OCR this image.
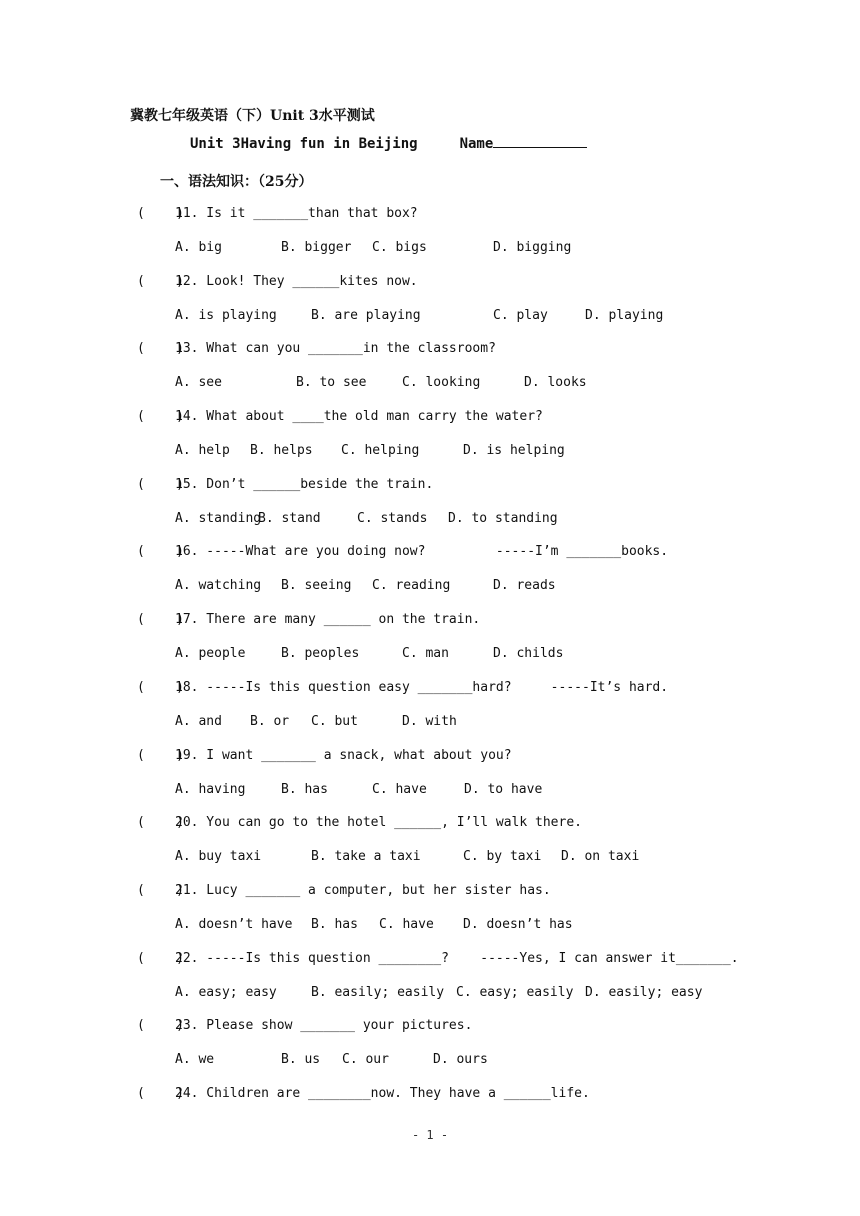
冀教七年级英语（下）Unit 3水平测试
Unit 3Having fun in Beijing	Name
一、语法知识：（25分）
(    )11. Is it _______than that box?
A. big	B. bigger C. bigs	D. bigging
(    )12. Look! They ______kites now.
A. is playing	B. are playing	C. play	D. playing
(    )13. What can you _______in the classroom?
A. see	B. to see	C. looking	D. looks
(    )14. What about ____the old man carry the water?
A. help B. helps C. helping	D. is helping
(    )15. Don’t ______beside the train.
A. standing
B. stand	C. stands D. to standing
(    )16. -----What are you doing now?         -----I’m _______books.
A. watching B. seeing C. reading	D. reads
(    )17. There are many ______ on the train.
A. people	B. peoples	C. man	D. childs
(    )18. -----Is this question easy _______hard?     -----It’s hard.
A. and B. or C. but	D. with
(    )19. I want _______ a snack, what about you?
A. having	B. has	C. have	D. to have
(    )20. You can go to the hotel ______, I’ll walk there.
A. buy taxi	B. take a taxi	C. by taxi D. on taxi
(    )21. Lucy _______ a computer, but her sister has.
A. doesn’t have B. has C. have D. doesn’t has
(    )22. -----Is this question ________?    -----Yes, I can answer it_______.
A. easy; easy	B. easily; easily C. easy; easily D. easily; easy
(    )23. Please show _______ your pictures.
A. we	B. us C. our	D. ours
(    )24. Children are ________now. They have a ______life.
- 1 -
